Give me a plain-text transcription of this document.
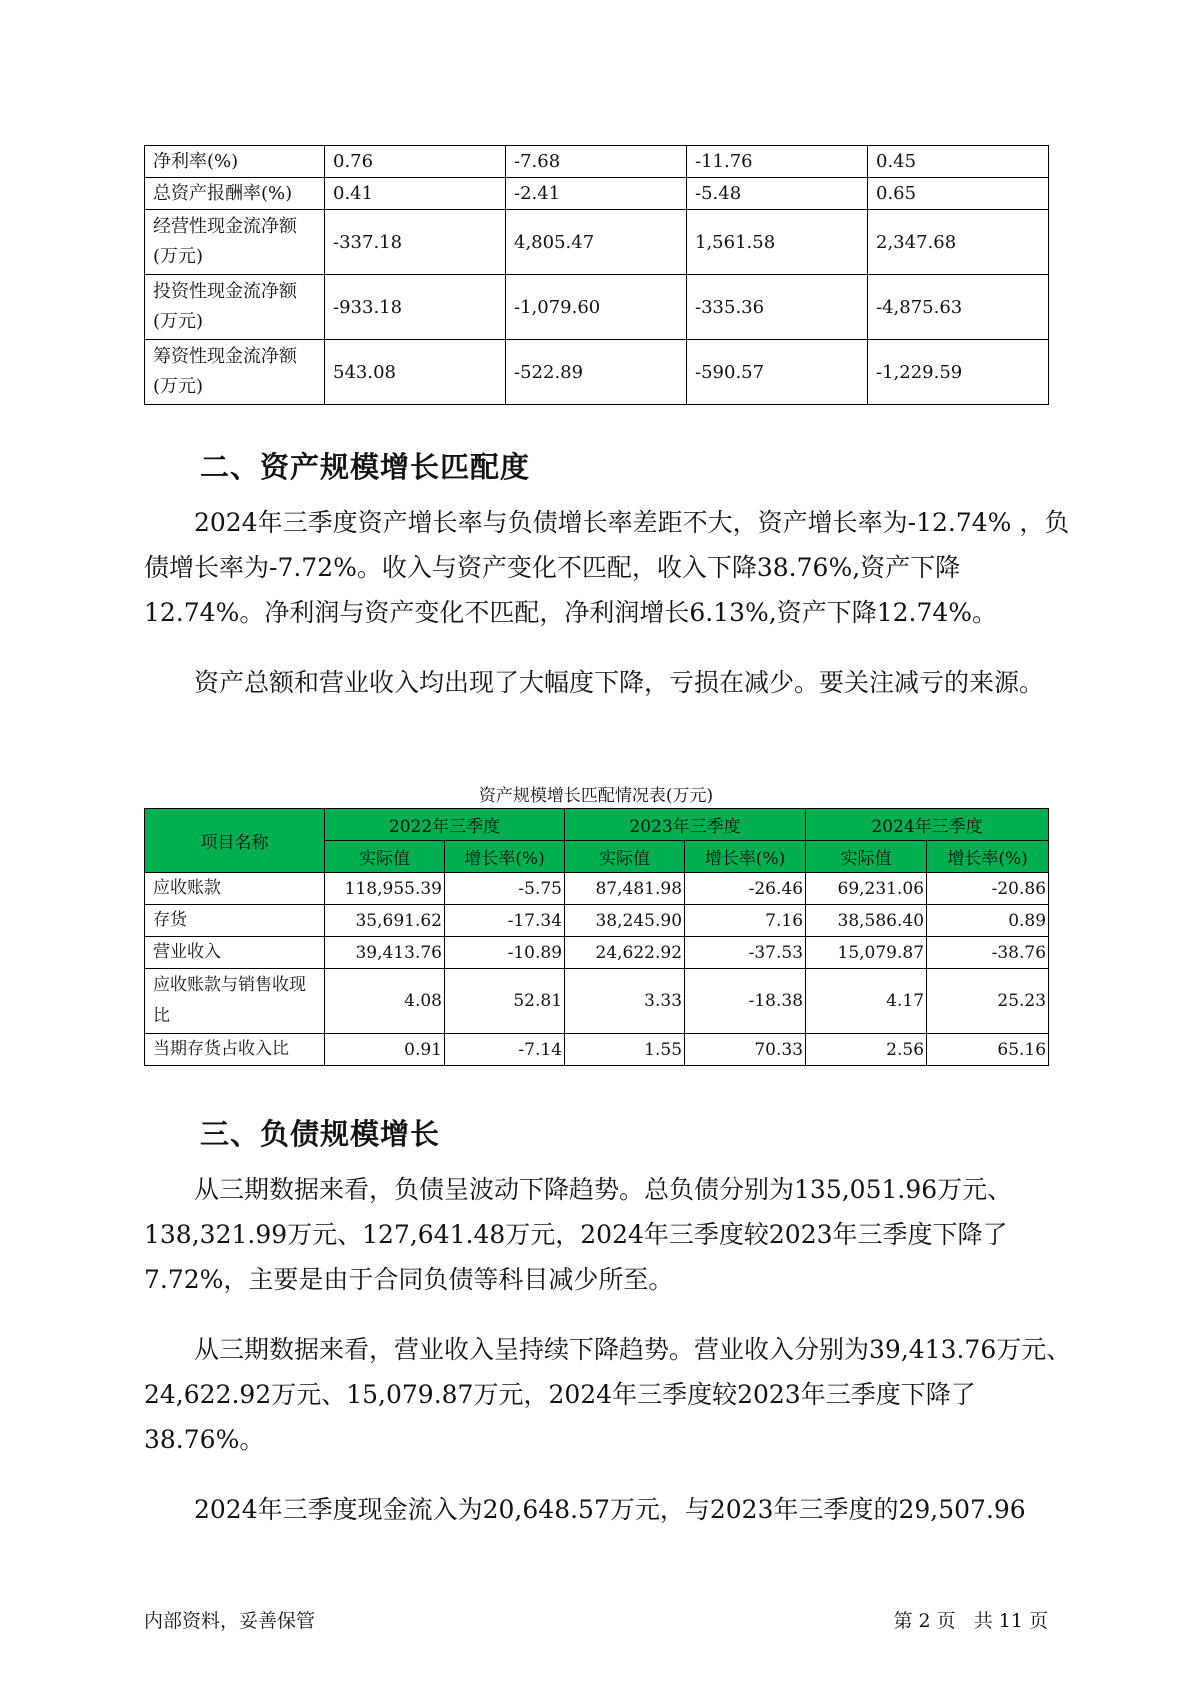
净利率(%)	0.76	-7.68	-11.76	0.45
总资产报酬率(%)	0.41	-2.41	-5.48	0.65
经营性现金流净额(万元)	-337.18	4,805.47	1,561.58	2,347.68
投资性现金流净额(万元)	-933.18	-1,079.60	-335.36	-4,875.63
筹资性现金流净额(万元)	543.08	-522.89	-590.57	-1,229.59
二、资产规模增长匹配度

2024年三季度资产增长率与负债增长率差距不大，资产增长率为-12.74% ，负债增长率为-7.72%。收入与资产变化不匹配，收入下降38.76%,资产下降12.74%。净利润与资产变化不匹配，净利润增长6.13%,资产下降12.74%。

资产总额和营业收入均出现了大幅度下降，亏损在减少。要关注减亏的来源。

资产规模增长匹配情况表(万元)
项目名称	2022年三季度		2023年三季度		2024年三季度	
	实际值	增长率(%)	实际值	增长率(%)	实际值	增长率(%)
应收账款	118,955.39	-5.75	87,481.98	-26.46	69,231.06	-20.86
存货	35,691.62	-17.34	38,245.90	7.16	38,586.40	0.89
营业收入	39,413.76	-10.89	24,622.92	-37.53	15,079.87	-38.76
应收账款与销售收现比	4.08	52.81	3.33	-18.38	4.17	25.23
当期存货占收入比	0.91	-7.14	1.55	70.33	2.56	65.16
三、负债规模增长

从三期数据来看，负债呈波动下降趋势。总负债分别为135,051.96万元、138,321.99万元、127,641.48万元，2024年三季度较2023年三季度下降了7.72%，主要是由于合同负债等科目减少所至。

从三期数据来看，营业收入呈持续下降趋势。营业收入分别为39,413.76万元、24,622.92万元、15,079.87万元，2024年三季度较2023年三季度下降了38.76%。

2024年三季度现金流入为20,648.57万元，与2023年三季度的29,507.96

内部资料，妥善保管	第 2 页   共 11 页
